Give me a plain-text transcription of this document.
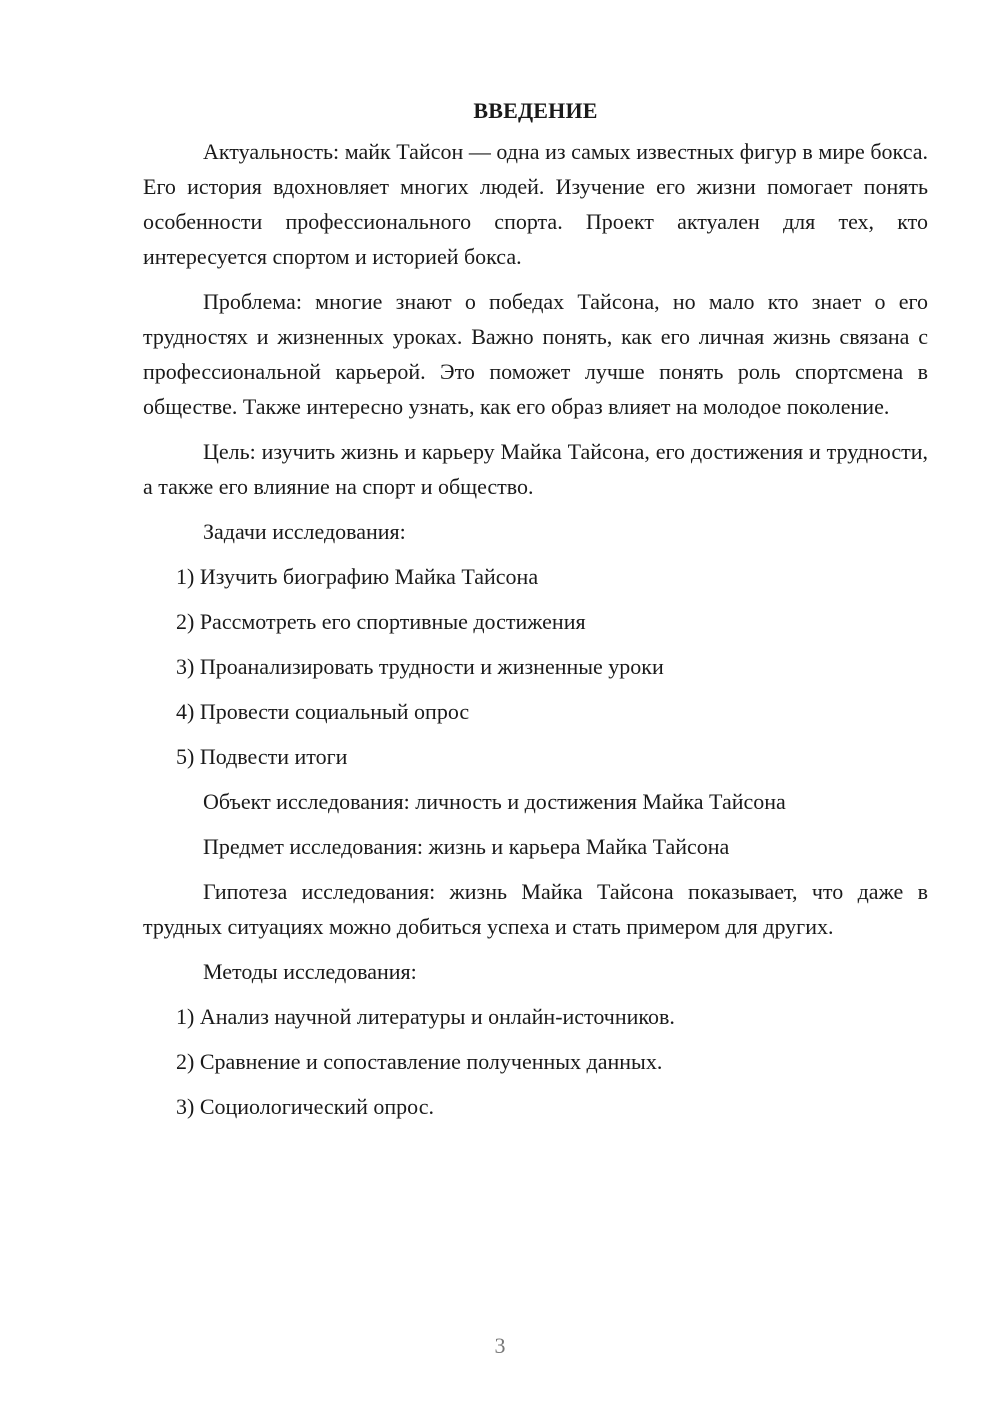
ВВЕДЕНИЕ

Актуальность: майк Тайсон — одна из самых известных фигур в мире бокса. Его история вдохновляет многих людей. Изучение его жизни помогает понять особенности профессионального спорта. Проект актуален для тех, кто интересуется спортом и историей бокса.

Проблема: многие знают о победах Тайсона, но мало кто знает о его трудностях и жизненных уроках. Важно понять, как его личная жизнь связана с профессиональной карьерой. Это поможет лучше понять роль спортсмена в обществе. Также интересно узнать, как его образ влияет на молодое поколение.

Цель: изучить жизнь и карьеру Майка Тайсона, его достижения и трудности, а также его влияние на спорт и общество.

Задачи исследования:
1) Изучить биографию Майка Тайсона
2) Рассмотреть его спортивные достижения
3) Проанализировать трудности и жизненные уроки
4) Провести социальный опрос
5) Подвести итоги
Объект исследования: личность и достижения Майка Тайсона
Предмет исследования: жизнь и карьера Майка Тайсона

Гипотеза исследования: жизнь Майка Тайсона показывает, что даже в трудных ситуациях можно добиться успеха и стать примером для других.

Методы исследования:
1) Анализ научной литературы и онлайн-источников.
2) Сравнение и сопоставление полученных данных.
3) Социологический опрос.
3
